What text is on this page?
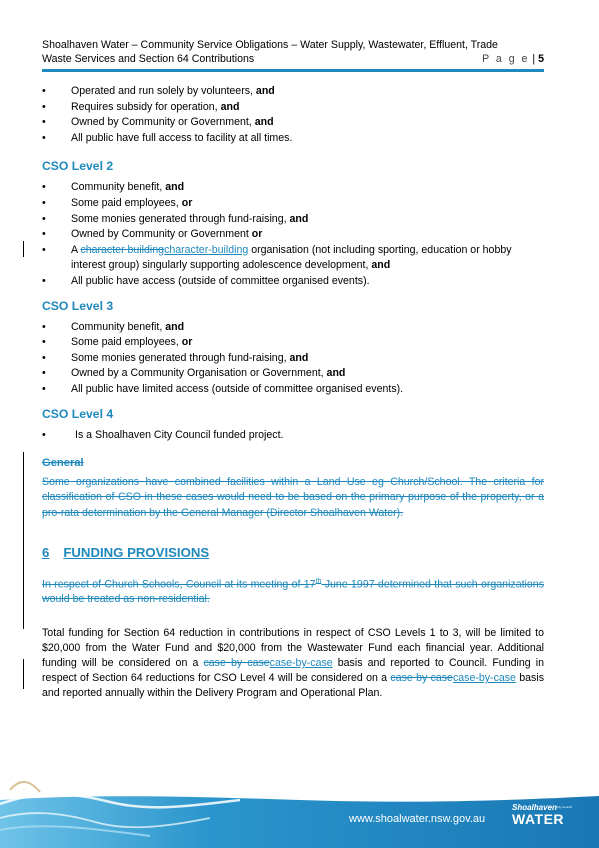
Shoalhaven Water – Community Service Obligations – Water Supply, Wastewater, Effluent, Trade
Waste Services and Section 64 Contributions	P a g e | 5
• Operated and run solely by volunteers, and
• Requires subsidy for operation, and
• Owned by Community or Government, and
• All public have full access to facility at all times.
CSO Level 2
• Community benefit, and
• Some paid employees, or
• Some monies generated through fund-raising, and
• Owned by Community or Government or
• A character buildingcharacter-building organisation (not including sporting, education or hobby interest group) singularly supporting adolescence development, and
• All public have access (outside of committee organised events).
CSO Level 3
• Community benefit, and
• Some paid employees, or
• Some monies generated through fund-raising, and
• Owned by a Community Organisation or Government, and
• All public have limited access (outside of committee organised events).
CSO Level 4
• Is a Shoalhaven City Council funded project.
General
Some organizations have combined facilities within a Land Use eg Church/School. The criteria for classification of CSO in these cases would need to be based on the primary purpose of the property, or a pro-rata determination by the General Manager (Director Shoalhaven Water).
6 FUNDING PROVISIONS
In respect of Church Schools, Council at its meeting of 17th June 1997 determined that such organizations would be treated as non-residential.
Total funding for Section 64 reduction in contributions in respect of CSO Levels 1 to 3, will be limited to $20,000 from the Water Fund and $20,000 from the Wastewater Fund each financial year. Additional funding will be considered on a case by casecase-by-case basis and reported to Council. Funding in respect of Section 64 reductions for CSO Level 4 will be considered on a case by casecase-by-case basis and reported annually within the Delivery Program and Operational Plan.
www.shoalwater.nsw.gov.au
Shoalhaven
WATER
City Council
